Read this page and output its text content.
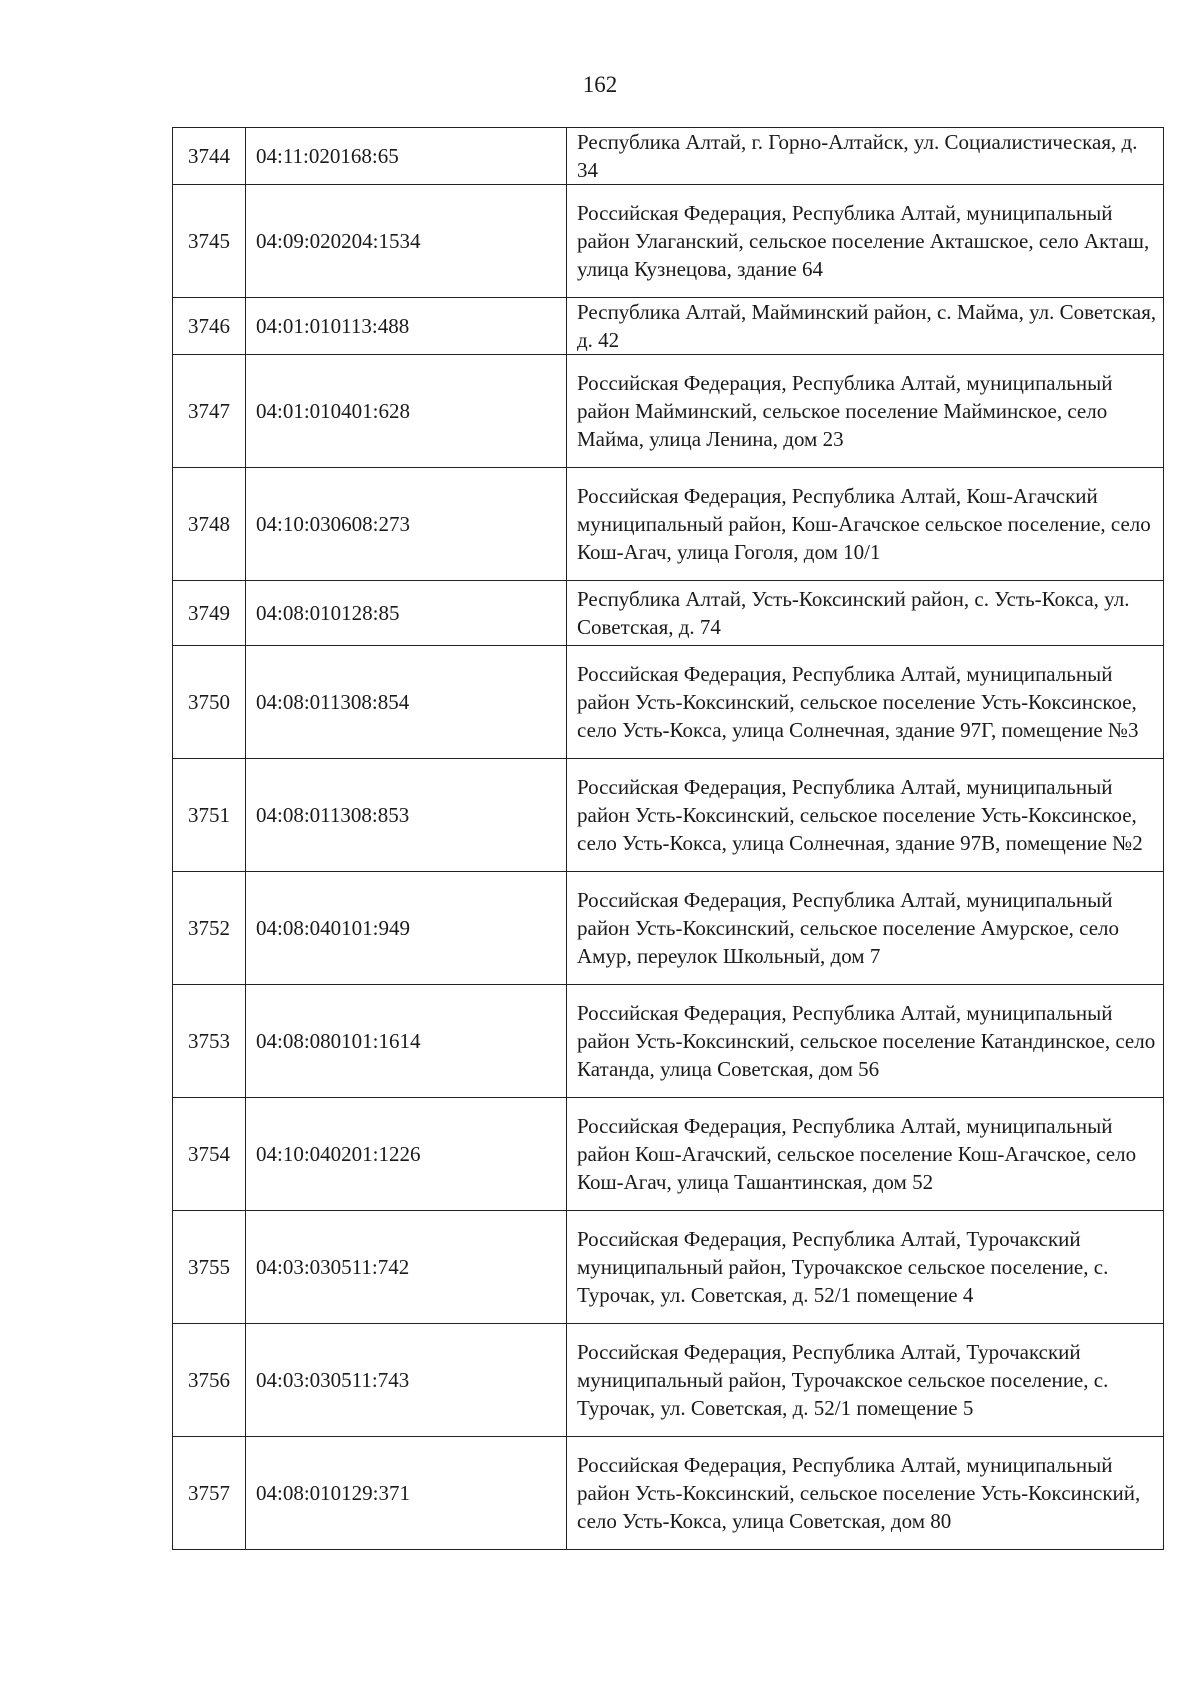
162
3744	04:11:020168:65	Республика Алтай, г. Горно-Алтайск, ул. Социалистическая, д. 34
3745	04:09:020204:1534	Российская Федерация, Республика Алтай, муниципальный район Улаганский, сельское поселение Акташское, село Акташ, улица Кузнецова, здание 64
3746	04:01:010113:488	Республика Алтай, Майминский район, с. Майма, ул. Советская, д. 42
3747	04:01:010401:628	Российская Федерация, Республика Алтай, муниципальный район Майминский, сельское поселение Майминское, село Майма, улица Ленина, дом 23
3748	04:10:030608:273	Российская Федерация, Республика Алтай, Кош-Агачский муниципальный район, Кош-Агачское сельское поселение, село Кош-Агач, улица Гоголя, дом 10/1
3749	04:08:010128:85	Республика Алтай, Усть-Коксинский район, с. Усть-Кокса, ул. Советская, д. 74
3750	04:08:011308:854	Российская Федерация, Республика Алтай, муниципальный район Усть-Коксинский, сельское поселение Усть-Коксинское, село Усть-Кокса, улица Солнечная, здание 97Г, помещение №3
3751	04:08:011308:853	Российская Федерация, Республика Алтай, муниципальный район Усть-Коксинский, сельское поселение Усть-Коксинское, село Усть-Кокса, улица Солнечная, здание 97В, помещение №2
3752	04:08:040101:949	Российская Федерация, Республика Алтай, муниципальный район Усть-Коксинский, сельское поселение Амурское, село Амур, переулок Школьный, дом 7
3753	04:08:080101:1614	Российская Федерация, Республика Алтай, муниципальный район Усть-Коксинский, сельское поселение Катандинское, село Катанда, улица Советская, дом 56
3754	04:10:040201:1226	Российская Федерация, Республика Алтай, муниципальный район Кош-Агачский, сельское поселение Кош-Агачское, село Кош-Агач, улица Ташантинская, дом 52
3755	04:03:030511:742	Российская Федерация, Республика Алтай, Турочакский муниципальный район, Турочакское сельское поселение, с. Турочак, ул. Советская, д. 52/1 помещение 4
3756	04:03:030511:743	Российская Федерация, Республика Алтай, Турочакский муниципальный район, Турочакское сельское поселение, с. Турочак, ул. Советская, д. 52/1 помещение 5
3757	04:08:010129:371	Российская Федерация, Республика Алтай, муниципальный район Усть-Коксинский, сельское поселение Усть-Коксинский, село Усть-Кокса, улица Советская, дом 80
